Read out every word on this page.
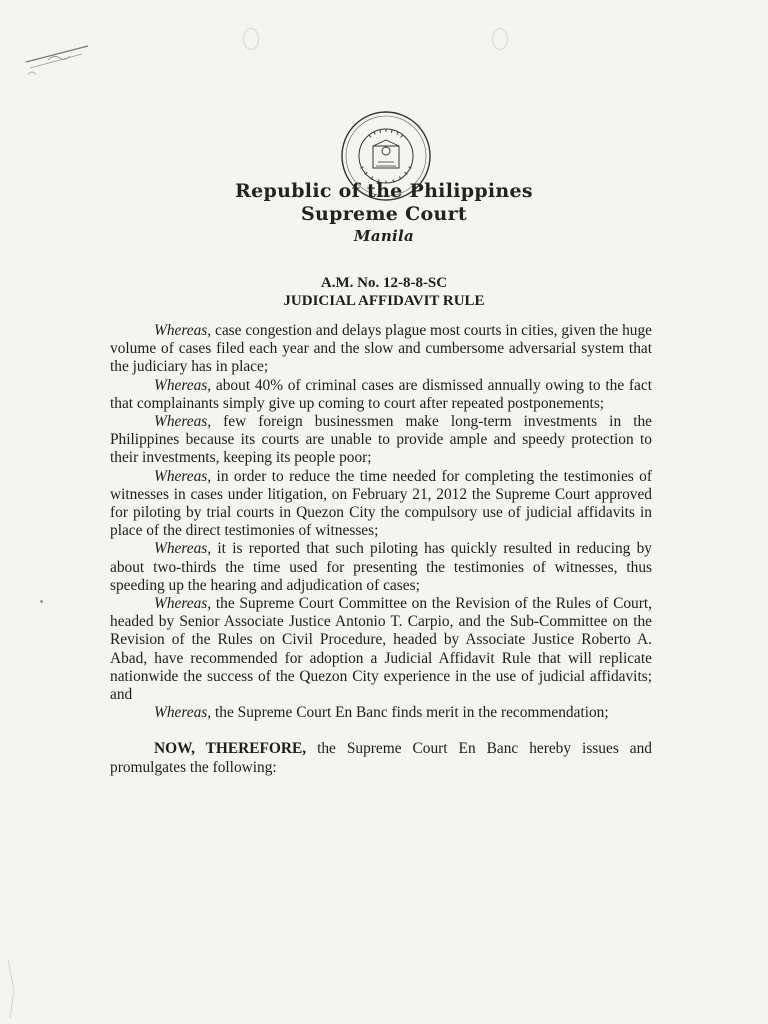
Republic of the Philippines
Supreme Court
Manila
A.M. No. 12-8-8-SC
JUDICIAL AFFIDAVIT RULE

Whereas, case congestion and delays plague most courts in cities, given the huge volume of cases filed each year and the slow and cumbersome adversarial system that the judiciary has in place;

Whereas, about 40% of criminal cases are dismissed annually owing to the fact that complainants simply give up coming to court after repeated postponements;

Whereas, few foreign businessmen make long-term investments in the Philippines because its courts are unable to provide ample and speedy protection to their investments, keeping its people poor;

Whereas, in order to reduce the time needed for completing the testimonies of witnesses in cases under litigation, on February 21, 2012 the Supreme Court approved for piloting by trial courts in Quezon City the compulsory use of judicial affidavits in place of the direct testimonies of witnesses;

Whereas, it is reported that such piloting has quickly resulted in reducing by about two-thirds the time used for presenting the testimonies of witnesses, thus speeding up the hearing and adjudication of cases;

Whereas, the Supreme Court Committee on the Revision of the Rules of Court, headed by Senior Associate Justice Antonio T. Carpio, and the Sub-Committee on the Revision of the Rules on Civil Procedure, headed by Associate Justice Roberto A. Abad, have recommended for adoption a Judicial Affidavit Rule that will replicate nationwide the success of the Quezon City experience in the use of judicial affidavits; and

Whereas, the Supreme Court En Banc finds merit in the recommendation;

NOW, THEREFORE, the Supreme Court En Banc hereby issues and promulgates the following:
